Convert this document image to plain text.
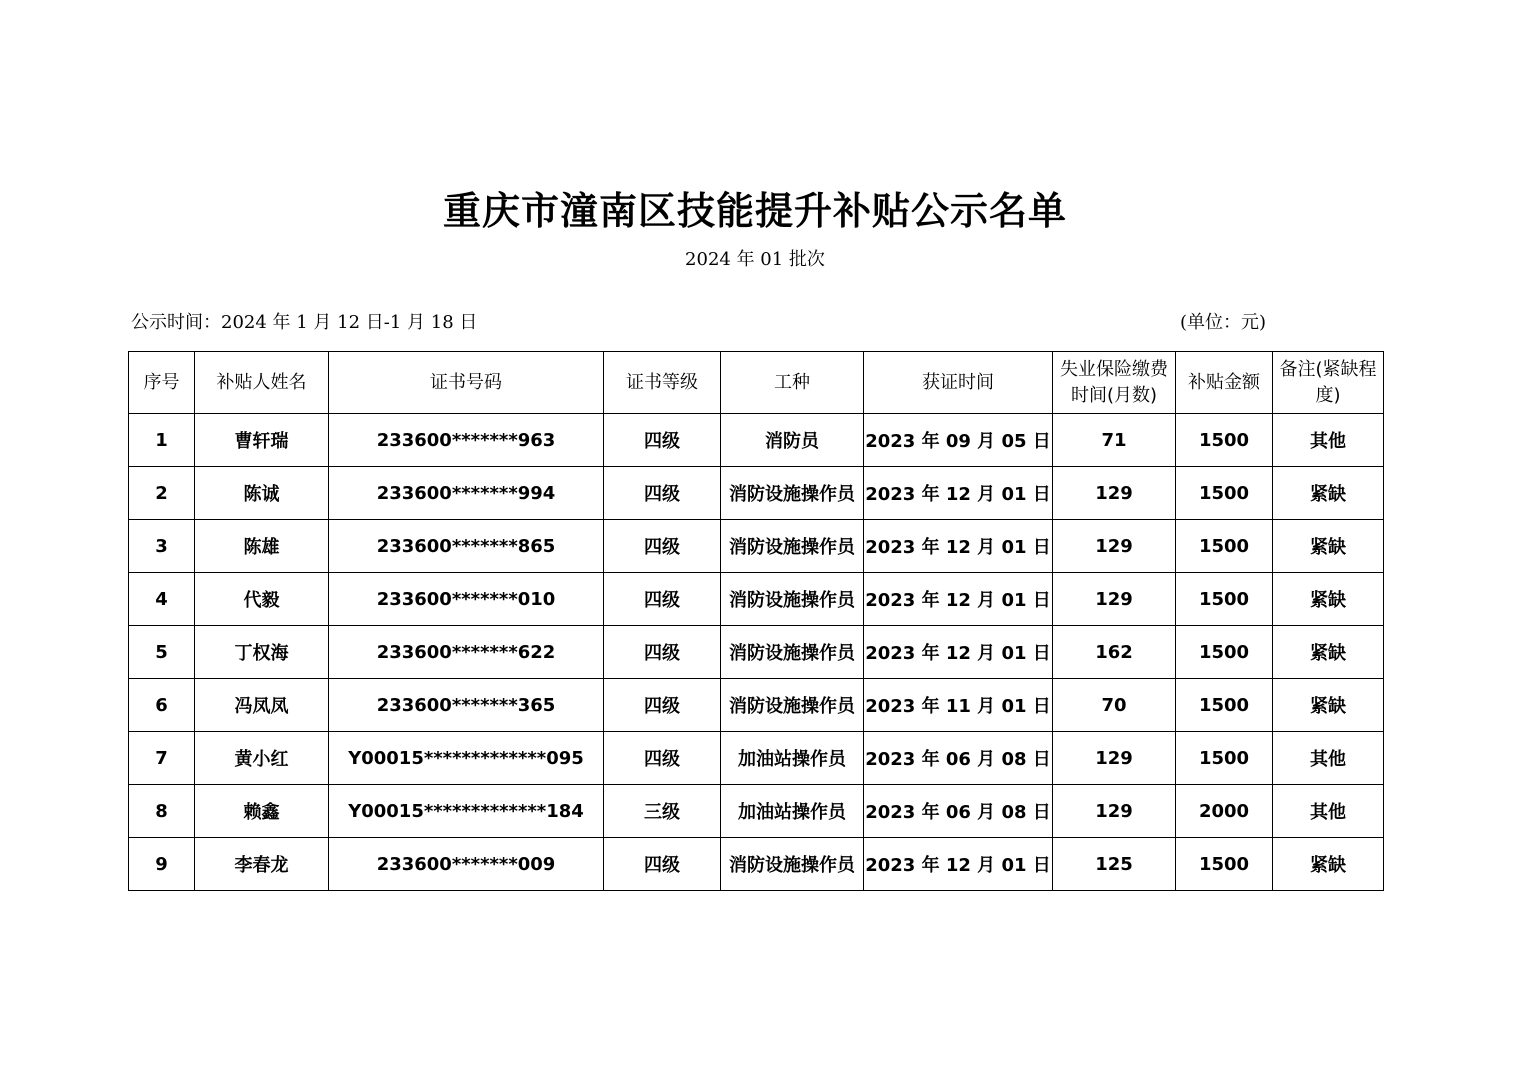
重庆市潼南区技能提升补贴公示名单
2024 年 01 批次
公示时间：2024 年 1 月 12 日-1 月 18 日	(单位：元)
序号	补贴人姓名	证书号码	证书等级	工种	获证时间	失业保险缴费时间(月数)	补贴金额	备注(紧缺程度)
1	曹轩瑞	233600*******963	四级	消防员	2023 年 09 月 05 日	71	1500	其他
2	陈诚	233600*******994	四级	消防设施操作员	2023 年 12 月 01 日	129	1500	紧缺
3	陈雄	233600*******865	四级	消防设施操作员	2023 年 12 月 01 日	129	1500	紧缺
4	代毅	233600*******010	四级	消防设施操作员	2023 年 12 月 01 日	129	1500	紧缺
5	丁权海	233600*******622	四级	消防设施操作员	2023 年 12 月 01 日	162	1500	紧缺
6	冯凤凤	233600*******365	四级	消防设施操作员	2023 年 11 月 01 日	70	1500	紧缺
7	黄小红	Y00015*************095	四级	加油站操作员	2023 年 06 月 08 日	129	1500	其他
8	赖鑫	Y00015*************184	三级	加油站操作员	2023 年 06 月 08 日	129	2000	其他
9	李春龙	233600*******009	四级	消防设施操作员	2023 年 12 月 01 日	125	1500	紧缺
